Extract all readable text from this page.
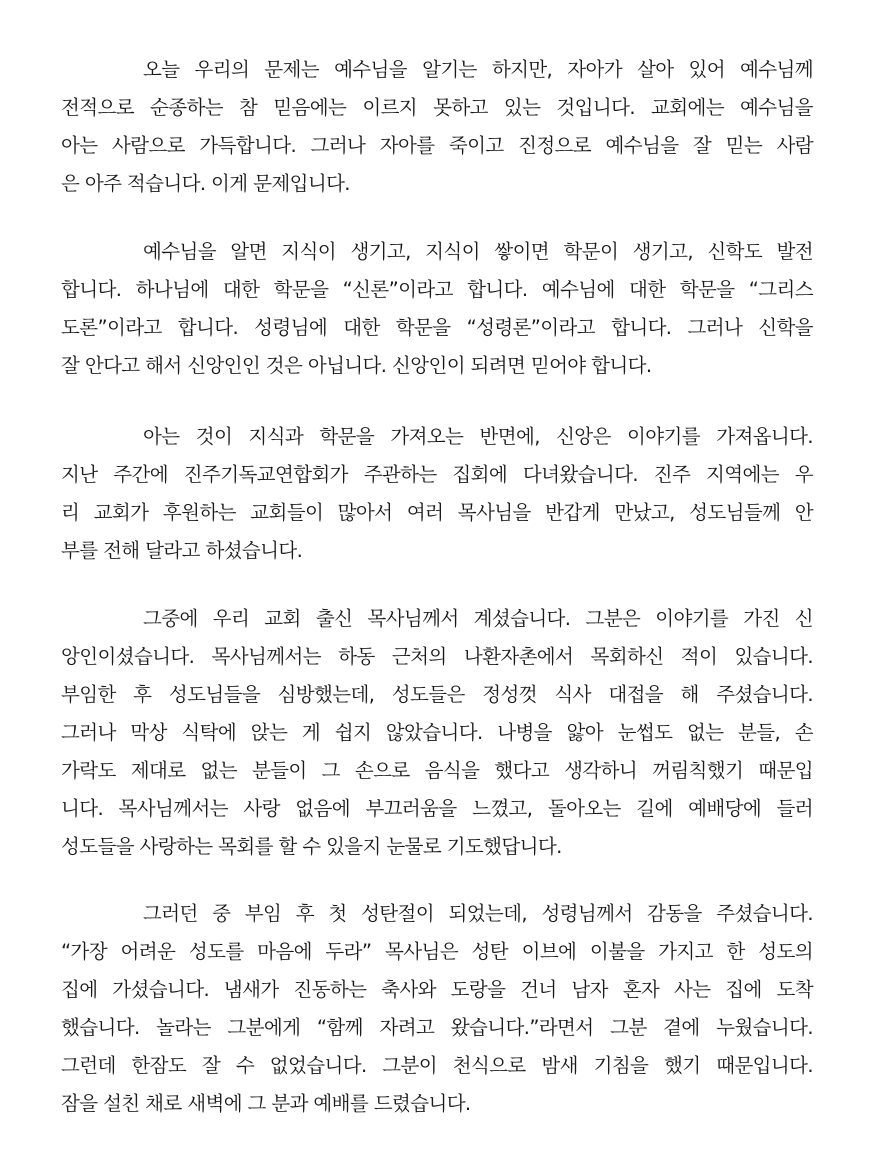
오늘 우리의 문제는 예수님을 알기는 하지만, 자아가 살아 있어 예수님께
전적으로 순종하는 참 믿음에는 이르지 못하고 있는 것입니다. 교회에는 예수님을
아는 사람으로 가득합니다. 그러나 자아를 죽이고 진정으로 예수님을 잘 믿는 사람
은 아주 적습니다. 이게 문제입니다.
예수님을 알면 지식이 생기고, 지식이 쌓이면 학문이 생기고, 신학도 발전
합니다. 하나님에 대한 학문을 “신론”이라고 합니다. 예수님에 대한 학문을 “그리스
도론”이라고 합니다. 성령님에 대한 학문을 “성령론”이라고 합니다. 그러나 신학을
잘 안다고 해서 신앙인인 것은 아닙니다. 신앙인이 되려면 믿어야 합니다.
아는 것이 지식과 학문을 가져오는 반면에, 신앙은 이야기를 가져옵니다.
지난 주간에 진주기독교연합회가 주관하는 집회에 다녀왔습니다. 진주 지역에는 우
리 교회가 후원하는 교회들이 많아서 여러 목사님을 반갑게 만났고, 성도님들께 안
부를 전해 달라고 하셨습니다.
그중에 우리 교회 출신 목사님께서 계셨습니다. 그분은 이야기를 가진 신
앙인이셨습니다. 목사님께서는 하동 근처의 나환자촌에서 목회하신 적이 있습니다.
부임한 후 성도님들을 심방했는데, 성도들은 정성껏 식사 대접을 해 주셨습니다.
그러나 막상 식탁에 앉는 게 쉽지 않았습니다. 나병을 앓아 눈썹도 없는 분들, 손
가락도 제대로 없는 분들이 그 손으로 음식을 했다고 생각하니 꺼림칙했기 때문입
니다. 목사님께서는 사랑 없음에 부끄러움을 느꼈고, 돌아오는 길에 예배당에 들러
성도들을 사랑하는 목회를 할 수 있을지 눈물로 기도했답니다.
그러던 중 부임 후 첫 성탄절이 되었는데, 성령님께서 감동을 주셨습니다.
“가장 어려운 성도를 마음에 두라” 목사님은 성탄 이브에 이불을 가지고 한 성도의
집에 가셨습니다. 냄새가 진동하는 축사와 도랑을 건너 남자 혼자 사는 집에 도착
했습니다. 놀라는 그분에게 “함께 자려고 왔습니다.”라면서 그분 곁에 누웠습니다.
그런데 한잠도 잘 수 없었습니다. 그분이 천식으로 밤새 기침을 했기 때문입니다.
잠을 설친 채로 새벽에 그 분과 예배를 드렸습니다.
